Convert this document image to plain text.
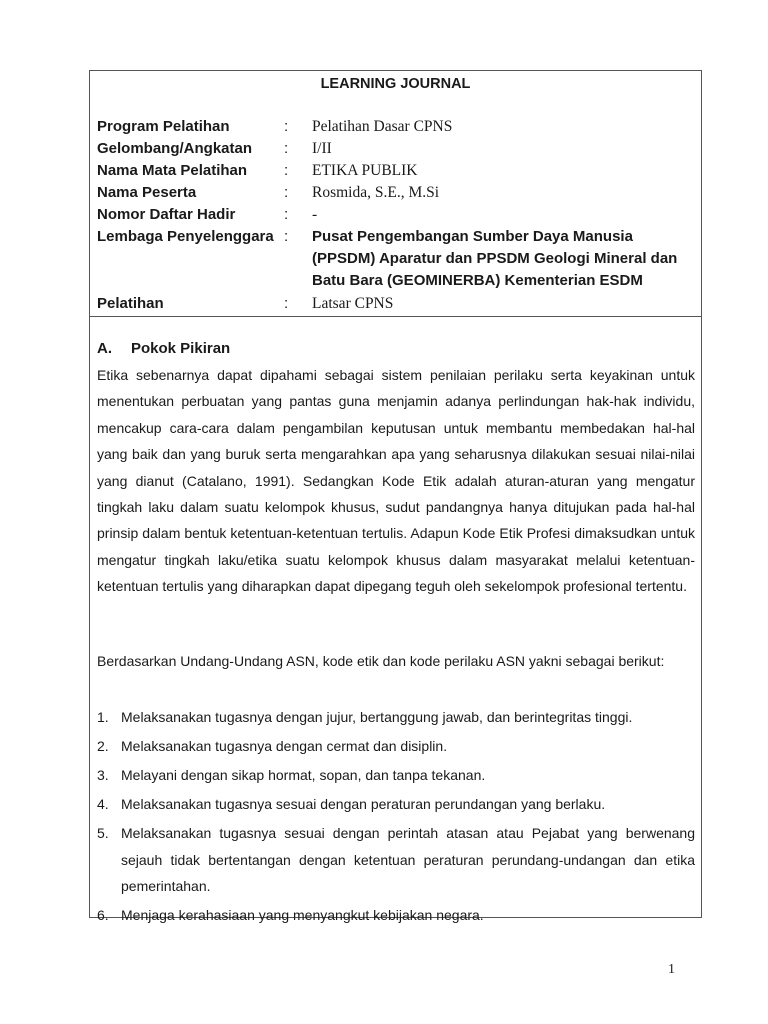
LEARNING JOURNAL
Program Pelatihan	: Pelatihan Dasar CPNS
Gelombang/Angkatan : I/II
Nama Mata Pelatihan : ETIKA PUBLIK
Nama Peserta	: Rosmida, S.E., M.Si
Nomor Daftar Hadir	: -
Lembaga Penyelenggara : Pusat Pengembangan Sumber Daya Manusia (PPSDM) Aparatur dan PPSDM Geologi Mineral dan Batu Bara (GEOMINERBA) Kementerian ESDM
Pelatihan	: Latsar CPNS
A. Pokok Pikiran
Etika sebenarnya dapat dipahami sebagai sistem penilaian perilaku serta keyakinan untuk menentukan perbuatan yang pantas guna menjamin adanya perlindungan hak-hak individu, mencakup cara-cara dalam pengambilan keputusan untuk membantu membedakan hal-hal yang baik dan yang buruk serta mengarahkan apa yang seharusnya dilakukan sesuai nilai-nilai yang dianut (Catalano, 1991). Sedangkan Kode Etik adalah aturan-aturan yang mengatur tingkah laku dalam suatu kelompok khusus, sudut pandangnya hanya ditujukan pada hal-hal prinsip dalam bentuk ketentuan-ketentuan tertulis. Adapun Kode Etik Profesi dimaksudkan untuk mengatur tingkah laku/etika suatu kelompok khusus dalam masyarakat melalui ketentuan-ketentuan tertulis yang diharapkan dapat dipegang teguh oleh sekelompok profesional tertentu.
Berdasarkan Undang-Undang ASN, kode etik dan kode perilaku ASN yakni sebagai berikut:
1. Melaksanakan tugasnya dengan jujur, bertanggung jawab, dan berintegritas tinggi.
2. Melaksanakan tugasnya dengan cermat dan disiplin.
3. Melayani dengan sikap hormat, sopan, dan tanpa tekanan.
4. Melaksanakan tugasnya sesuai dengan peraturan perundangan yang berlaku.
5. Melaksanakan tugasnya sesuai dengan perintah atasan atau Pejabat yang berwenang sejauh tidak bertentangan dengan ketentuan peraturan perundang-undangan dan etika pemerintahan.
6. Menjaga kerahasiaan yang menyangkut kebijakan negara.
1
